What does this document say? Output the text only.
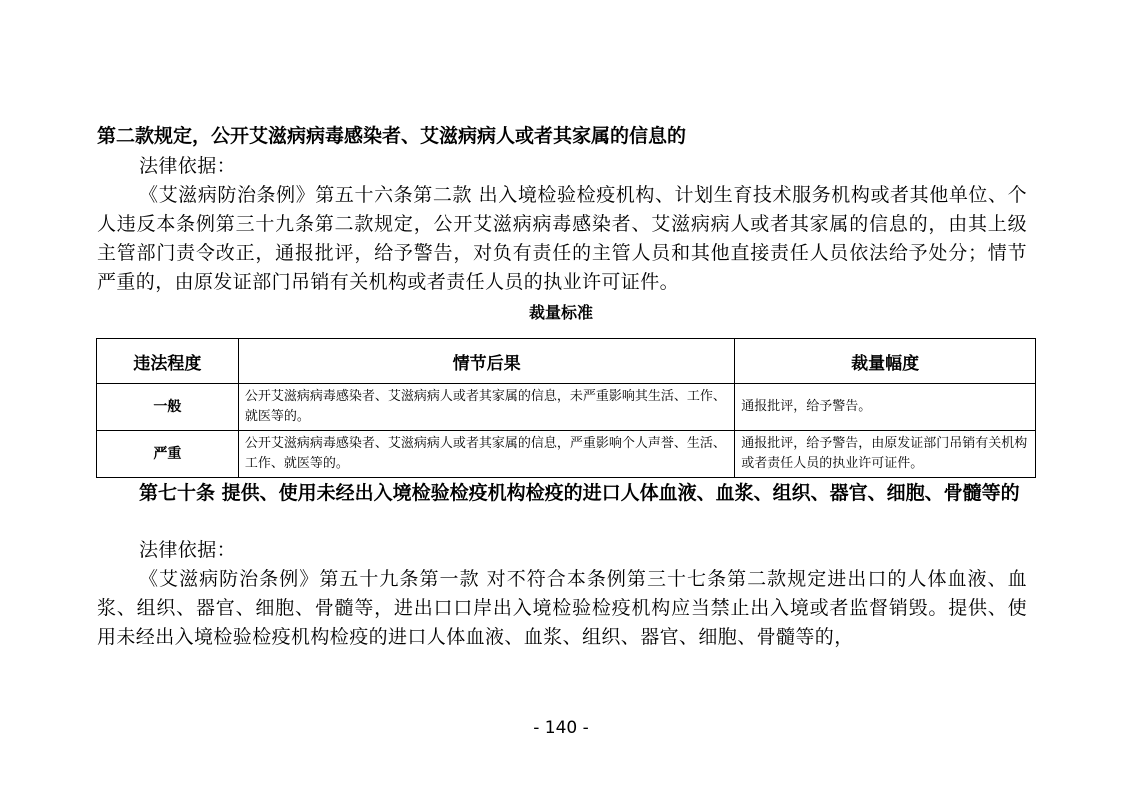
第二款规定，公开艾滋病病毒感染者、艾滋病病人或者其家属的信息的
法律依据：
《艾滋病防治条例》第五十六条第二款 出入境检验检疫机构、计划生育技术服务机构或者其他单位、个人违反本条例第三十九条第二款规定，公开艾滋病病毒感染者、艾滋病病人或者其家属的信息的，由其上级主管部门责令改正，通报批评，给予警告，对负有责任的主管人员和其他直接责任人员依法给予处分；情节严重的，由原发证部门吊销有关机构或者责任人员的执业许可证件。
裁量标准
违法程度	情节后果	裁量幅度
一般	公开艾滋病病毒感染者、艾滋病病人或者其家属的信息，未严重影响其生活、工作、就医等的。	通报批评，给予警告。
严重	公开艾滋病病毒感染者、艾滋病病人或者其家属的信息，严重影响个人声誉、生活、工作、就医等的。	通报批评，给予警告，由原发证部门吊销有关机构或者责任人员的执业许可证件。
第七十条 提供、使用未经出入境检验检疫机构检疫的进口人体血液、血浆、组织、器官、细胞、骨髓等的
法律依据：
《艾滋病防治条例》第五十九条第一款 对不符合本条例第三十七条第二款规定进出口的人体血液、血浆、组织、器官、细胞、骨髓等，进出口口岸出入境检验检疫机构应当禁止出入境或者监督销毁。提供、使用未经出入境检验检疫机构检疫的进口人体血液、血浆、组织、器官、细胞、骨髓等的，
- 140 -
